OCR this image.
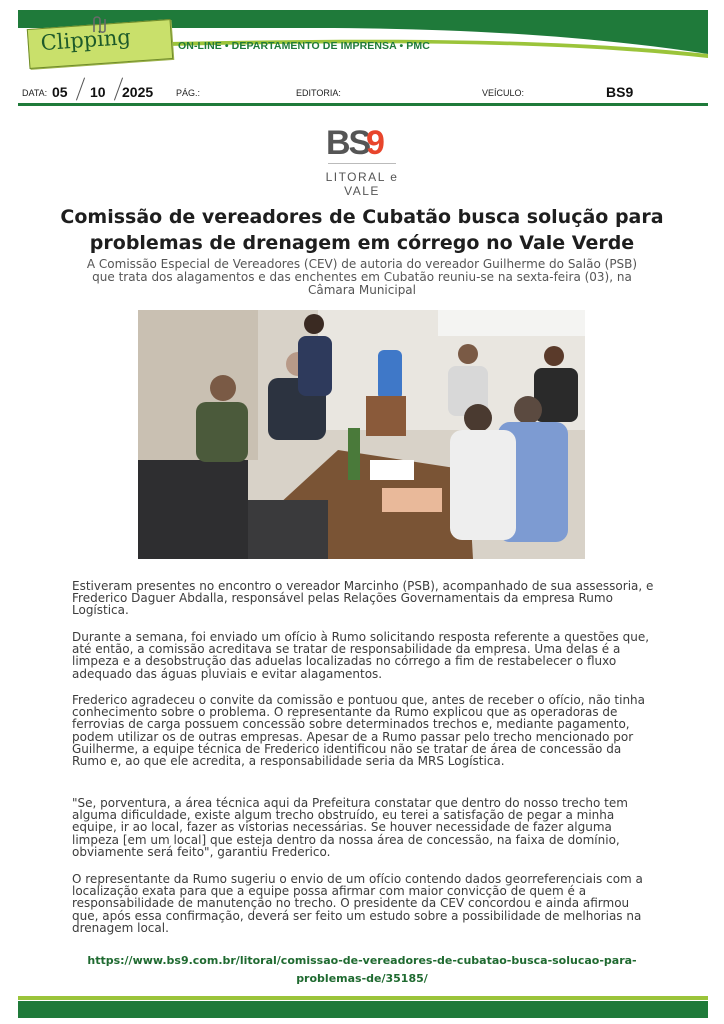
Clipping	ON-LINE • DEPARTAMENTO DE IMPRENSA • PMC
DATA: 05 10 2025	PÁG.:	EDITORIA:	VEÍCULO:	BS9
BS
9
LITORAL e VALE
Comissão de vereadores de Cubatão busca solução para problemas de drenagem em córrego no Vale Verde
A Comissão Especial de Vereadores (CEV) de autoria do vereador Guilherme do Salão (PSB) que trata dos alagamentos e das enchentes em Cubatão reuniu-se na sexta-feira (03), na Câmara Municipal
Estiveram presentes no encontro o vereador Marcinho (PSB), acompanhado de sua assessoria, e Frederico Daguer Abdalla, responsável pelas Relações Governamentais da empresa Rumo Logística.
Durante a semana, foi enviado um ofício à Rumo solicitando resposta referente a questões que, até então, a comissão acreditava se tratar de responsabilidade da empresa. Uma delas é a limpeza e a desobstrução das aduelas localizadas no córrego a fim de restabelecer o fluxo adequado das águas pluviais e evitar alagamentos.
Frederico agradeceu o convite da comissão e pontuou que, antes de receber o ofício, não tinha conhecimento sobre o problema. O representante da Rumo explicou que as operadoras de ferrovias de carga possuem concessão sobre determinados trechos e, mediante pagamento, podem utilizar os de outras empresas. Apesar de a Rumo passar pelo trecho mencionado por Guilherme, a equipe técnica de Frederico identificou não se tratar de área de concessão da Rumo e, ao que ele acredita, a responsabilidade seria da MRS Logística.
"Se, porventura, a área técnica aqui da Prefeitura constatar que dentro do nosso trecho tem alguma dificuldade, existe algum trecho obstruído, eu terei a satisfação de pegar a minha equipe, ir ao local, fazer as vistorias necessárias. Se houver necessidade de fazer alguma limpeza [em um local] que esteja dentro da nossa área de concessão, na faixa de domínio, obviamente será feito", garantiu Frederico.
O representante da Rumo sugeriu o envio de um ofício contendo dados georreferenciais com a localização exata para que a equipe possa afirmar com maior convicção de quem é a responsabilidade de manutenção no trecho. O presidente da CEV concordou e ainda afirmou que, após essa confirmação, deverá ser feito um estudo sobre a possibilidade de melhorias na drenagem local.
https://www.bs9.com.br/litoral/comissao-de-vereadores-de-cubatao-busca-solucao-para-problemas-de/35185/
